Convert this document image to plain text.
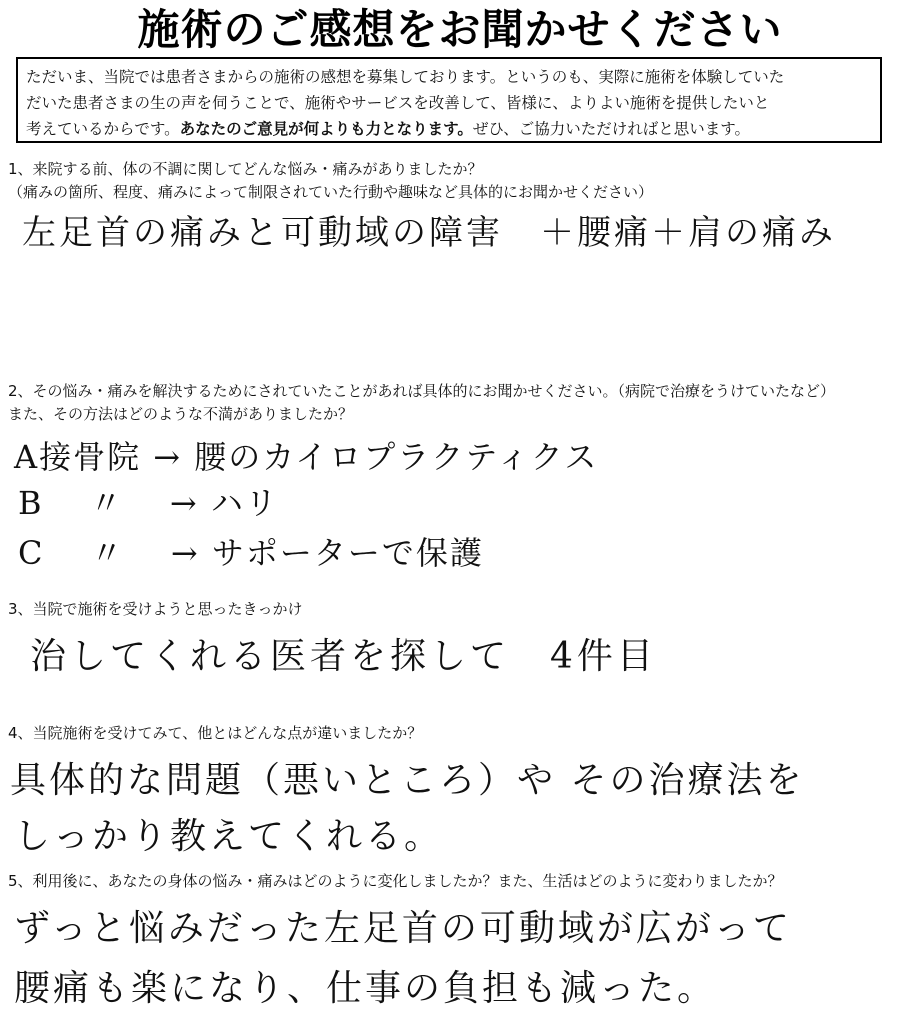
施術のご感想をお聞かせください
ただいま、当院では患者さまからの施術の感想を募集しております。というのも、実際に施術を体験していた
だいた患者さまの生の声を伺うことで、施術やサービスを改善して、皆様に、よりよい施術を提供したいと
考えているからです。あなたのご意見が何よりも力となります。ぜひ、ご協力いただければと思います。
1、来院する前、体の不調に関してどんな悩み・痛みがありましたか？
（痛みの箇所、程度、痛みによって制限されていた行動や趣味など具体的にお聞かせください）
左足首の痛みと可動域の障害　＋腰痛＋肩の痛み
2、その悩み・痛みを解決するためにされていたことがあれば具体的にお聞かせください。（病院で治療をうけていたなど）
また、その方法はどのような不満がありましたか？
A接骨院 → 腰のカイロプラクティクス
B　 〃 　→ ハリ
C　 〃 　→ サポーターで保護
3、当院で施術を受けようと思ったきっかけ
治してくれる医者を探して　4件目
4、当院施術を受けてみて、他とはどんな点が違いましたか？
具体的な問題（悪いところ）や その治療法を
しっかり教えてくれる。
5、利用後に、あなたの身体の悩み・痛みはどのように変化しましたか？また、生活はどのように変わりましたか？
ずっと悩みだった左足首の可動域が広がって
腰痛も楽になり、仕事の負担も減った。
